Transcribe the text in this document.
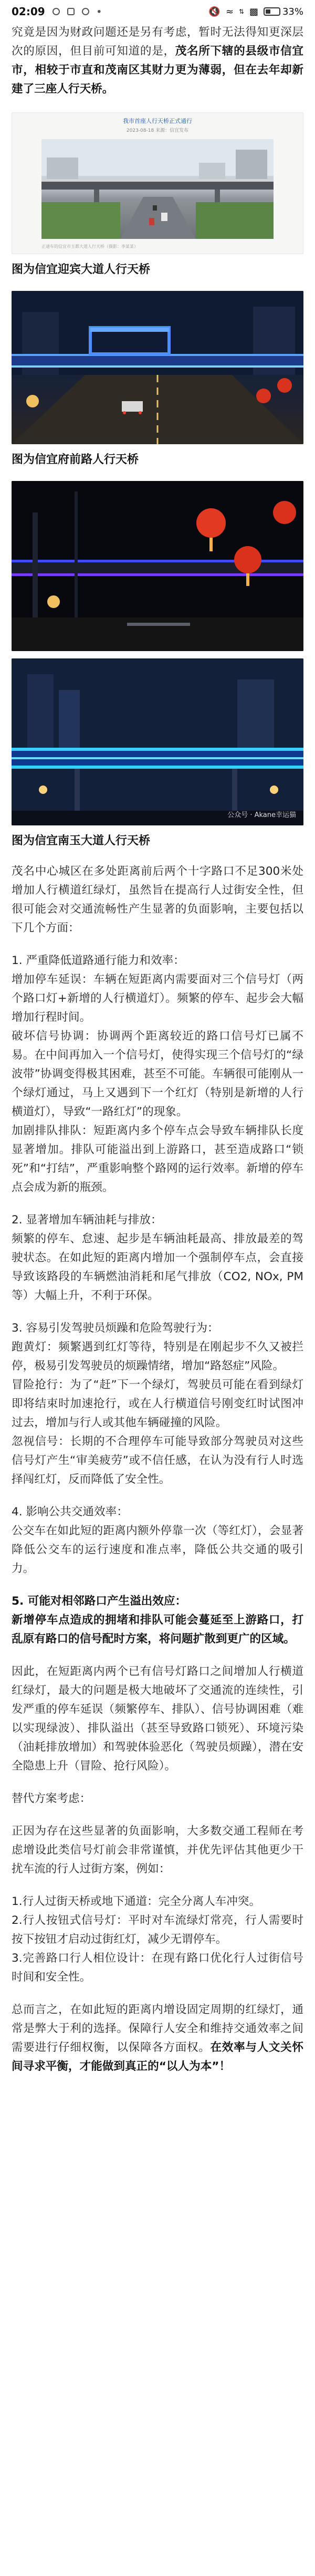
02:09	•	🔇 ≈ ⇅ ▩	33%

究竟是因为财政问题还是另有考虑，暂时无法得知更深层次的原因，但目前可知道的是，茂名所下辖的县级市信宜市，相较于市直和茂南区其财力更为薄弱，但在去年却新建了三座人行天桥。

我市首座人行天桥正式通行
2023-08-18 来源：信宜发布
正通车的信宜市玉都大道人行天桥（摄影：李某某）
图为信宜迎宾大道人行天桥
图为信宜府前路人行天桥
公众号 · Akane幸运猫
图为信宜南玉大道人行天桥

茂名中心城区在多处距离前后两个十字路口不足300米处增加人行横道红绿灯，虽然旨在提高行人过街安全性，但很可能会对交通流畅性产生显著的负面影响，主要包括以下几个方面：

1. 严重降低道路通行能力和效率：
增加停车延误：车辆在短距离内需要面对三个信号灯（两个路口灯+新增的人行横道灯）。频繁的停车、起步会大幅增加行程时间。
破坏信号协调：协调两个距离较近的路口信号灯已属不易。在中间再加入一个信号灯，使得实现三个信号灯的“绿波带”协调变得极其困难，甚至不可能。车辆很可能刚从一个绿灯通过，马上又遇到下一个红灯（特别是新增的人行横道灯），导致“一路红灯”的现象。
加剧排队排队：短距离内多个停车点会导致车辆排队长度显著增加。排队可能溢出到上游路口，甚至造成路口“锁死”和“打结”，严重影响整个路网的运行效率。新增的停车点会成为新的瓶颈。

2. 显著增加车辆油耗与排放：
频繁的停车、怠速、起步是车辆油耗最高、排放最差的驾驶状态。在如此短的距离内增加一个强制停车点，会直接导致该路段的车辆燃油消耗和尾气排放（CO2, NOx, PM等）大幅上升，不利于环保。

3. 容易引发驾驶员烦躁和危险驾驶行为：
跑黄灯：频繁遇到红灯等待，特别是在刚起步不久又被拦停，极易引发驾驶员的烦躁情绪，增加“路怒症”风险。
冒险抢行：为了“赶”下一个绿灯，驾驶员可能在看到绿灯即将结束时加速抢行，或在人行横道信号刚变红时试图冲过去，增加与行人或其他车辆碰撞的风险。
忽视信号：长期的不合理停车可能导致部分驾驶员对这些信号灯产生“审美疲劳”或不信任感，在认为没有行人时选择闯红灯，反而降低了安全性。

4. 影响公共交通效率：
公交车在如此短的距离内额外停靠一次（等红灯），会显著降低公交车的运行速度和准点率，降低公共交通的吸引力。

5. 可能对相邻路口产生溢出效应：
新增停车点造成的拥堵和排队可能会蔓延至上游路口，打乱原有路口的信号配时方案，将问题扩散到更广的区域。

因此，在短距离内两个已有信号灯路口之间增加人行横道红绿灯，最大的问题是极大地破坏了交通流的连续性，引发严重的停车延误（频繁停车、排队）、信号协调困难（难以实现绿波）、排队溢出（甚至导致路口锁死）、环境污染（油耗排放增加）和驾驶体验恶化（驾驶员烦躁），潜在安全隐患上升（冒险、抢行风险）。

替代方案考虑：

正因为存在这些显著的负面影响，大多数交通工程师在考虑增设此类信号灯前会非常谨慎，并优先评估其他更少干扰车流的行人过街方案，例如：

1.行人过街天桥或地下通道：完全分离人车冲突。
2.行人按钮式信号灯：平时对车流绿灯常亮，行人需要时按下按钮才启动过街红灯，减少无谓停车。
3.完善路口行人相位设计：在现有路口优化行人过街信号时间和安全性。

总而言之，在如此短的距离内增设固定周期的红绿灯，通常是弊大于利的选择。保障行人安全和维持交通效率之间需要进行仔细权衡，以保障各方面权。在效率与人文关怀间寻求平衡，才能做到真正的“以人为本”！
